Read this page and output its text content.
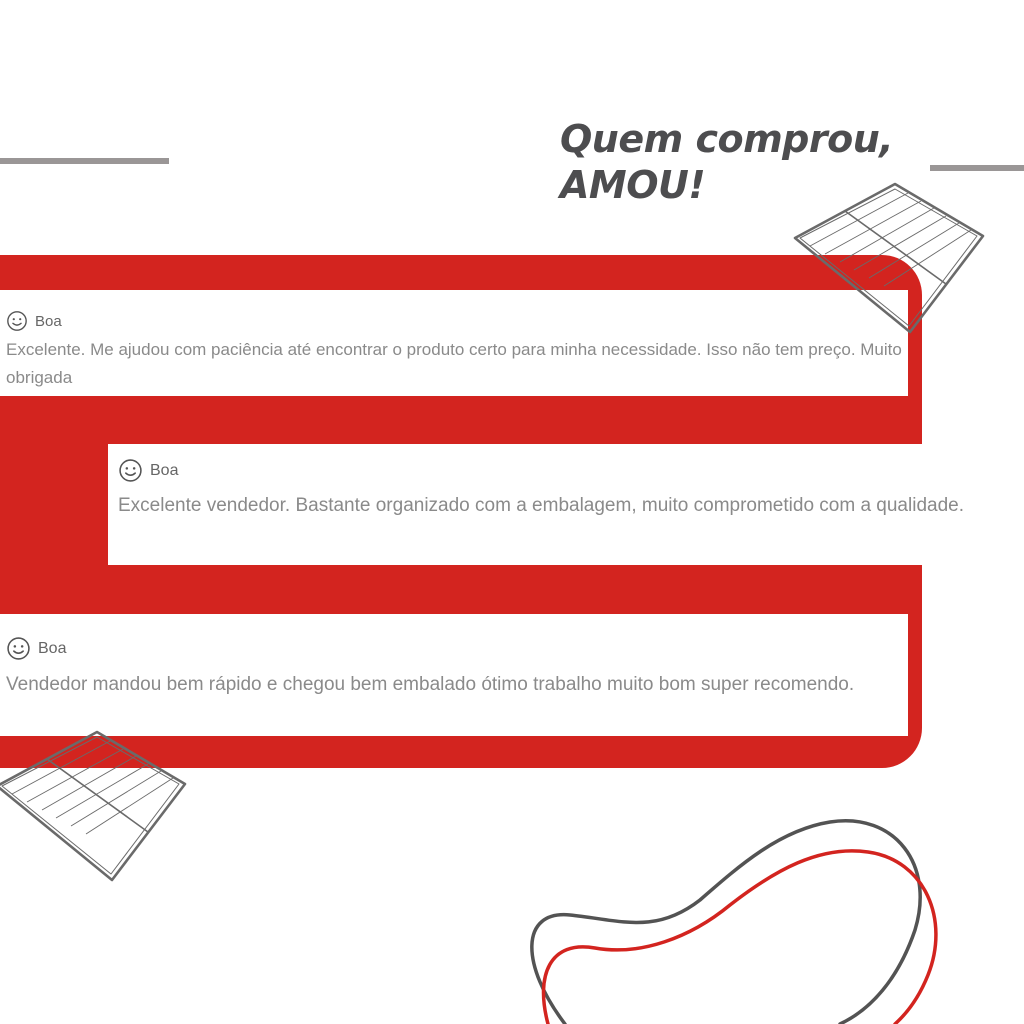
Quem comprou,
AMOU!
Boa
Excelente. Me ajudou com paciência até encontrar o produto certo para minha necessidade. Isso não tem preço. Muito obrigada
Boa
Excelente vendedor. Bastante organizado com a embalagem, muito comprometido com a qualidade.
Boa
Vendedor mandou bem rápido e chegou bem embalado ótimo trabalho muito bom super recomendo.
